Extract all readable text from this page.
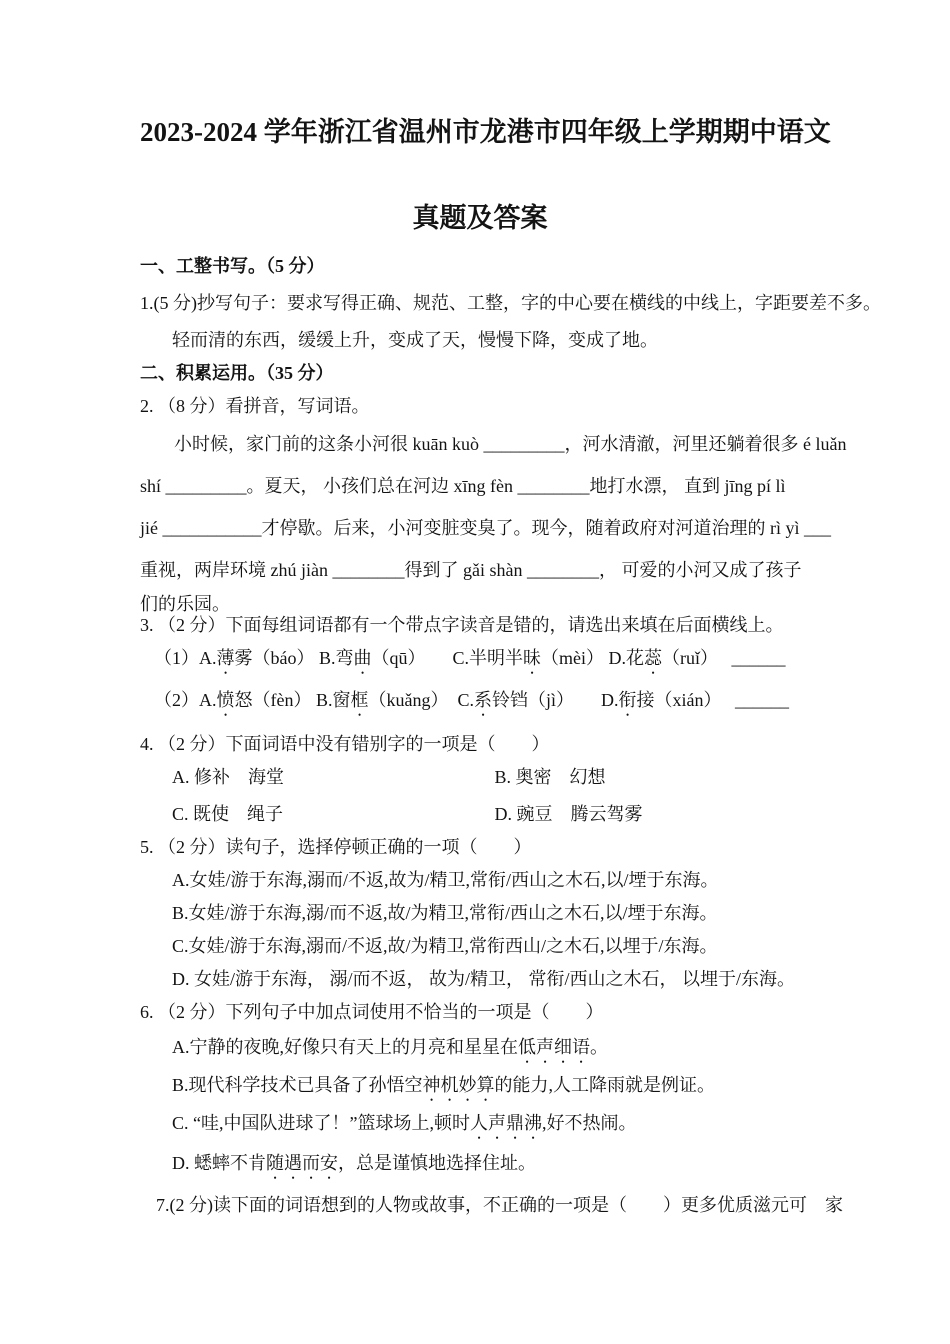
2023-2024 学年浙江省温州市龙港市四年级上学期期中语文
真题及答案
一、工整书写。（5 分）
1.(5 分)抄写句子：要求写得正确、规范、工整，字的中心要在横线的中线上，字距要差不多。
轻而清的东西，缓缓上升，变成了天，慢慢下降，变成了地。
二、积累运用。（35 分）
2. （8 分）看拼音，写词语。
小时候，家门前的这条小河很 kuān kuò _________，河水清澈，河里还躺着很多 é luǎn
shí _________。夏天， 小孩们总在河边 xīng fèn ________地打水漂， 直到 jīng pí lì
jié ___________才停歇。后来，小河变脏变臭了。现今，随着政府对河道治理的 rì yì ___
重视，两岸环境 zhú jiàn ________得到了 gǎi shàn ________， 可爱的小河又成了孩子
们的乐园。
3. （2 分）下面每组词语都有一个带点字读音是错的，请选出来填在后面横线上。
（1）A.薄雾（báo） B.弯曲（qū）　　C.半明半昧（mèi） D.花蕊（ruǐ）　 ______
（2）A.愤怒（fèn） B.窗框（kuǎng）　C.系铃铛（jì）　　D.衔接（xián）　 ______
4. （2 分）下面词语中没有错别字的一项是（　　）
A. 修补　海堂	B. 奥密　幻想
C. 既使　绳子	D. 豌豆　腾云驾雾
5. （2 分）读句子，选择停顿正确的一项（　　）
A.女娃/游于东海,溺而/不返,故为/精卫,常衔/西山之木石,以/堙于东海。
B.女娃/游于东海,溺/而不返,故/为精卫,常衔/西山之木石,以/堙于东海。
C.女娃/游于东海,溺而/不返,故/为精卫,常衔西山/之木石,以埋于/东海。
D. 女娃/游于东海， 溺/而不返， 故为/精卫， 常衔/西山之木石， 以埋于/东海。
6. （2 分）下列句子中加点词使用不恰当的一项是（　　）
A.宁静的夜晚,好像只有天上的月亮和星星在低声细语。
B.现代科学技术已具备了孙悟空神机妙算的能力,人工降雨就是例证。
C. “哇,中国队进球了！”篮球场上,顿时人声鼎沸,好不热闹。
D. 蟋蟀不肯随遇而安，总是谨慎地选择住址。
7.(2 分)读下面的词语想到的人物或故事，不正确的一项是（　　）更多优质滋元可　家
